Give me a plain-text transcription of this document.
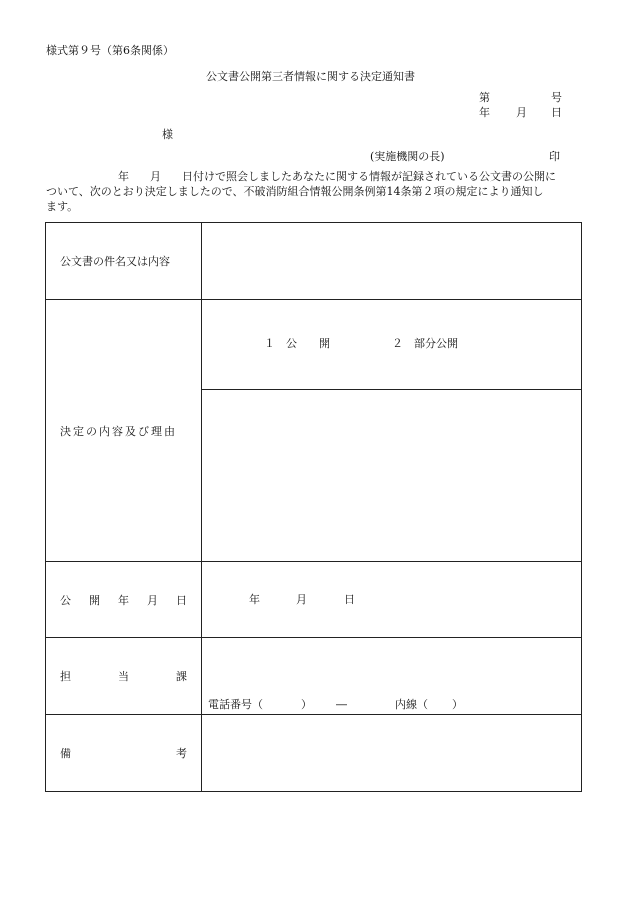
様式第９号（第6条関係）
公文書公開第三者情報に関する決定通知書
第	号
年 月 日
様
(実施機関の長)	印
年 月 日付けで照会しましたあなたに関する情報が記録されている公文書の公開に
ついて、次のとおり決定しましたので、不破消防組合情報公開条例第14条第２項の規定により通知し
ます。
公文書の件名又は内容	

決定の内容及び理由	１　公　　開 ２　部分公開

公 開 年 月 日	年 月 日

担 当 課	電話番号（ ） ― 内線（ ）

備 考	
